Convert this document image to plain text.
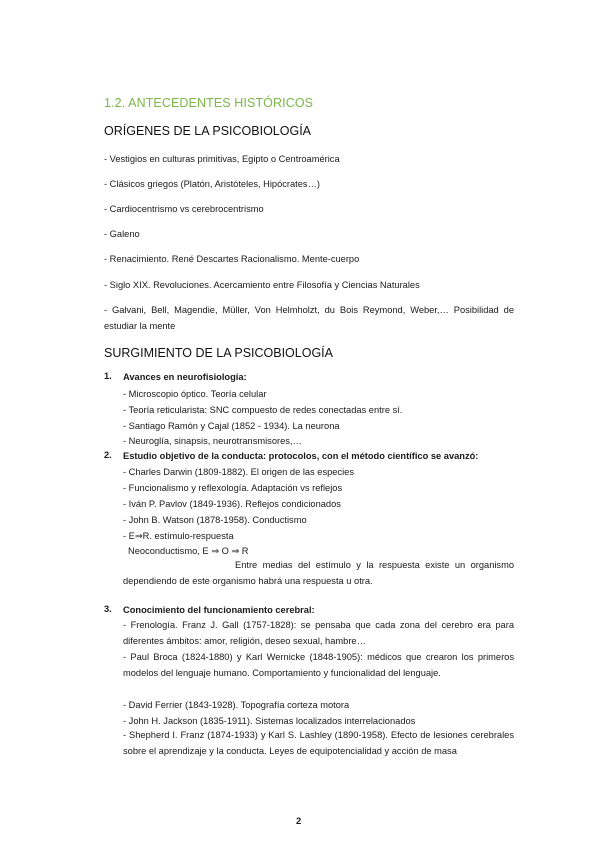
1.2. ANTECEDENTES HISTÓRICOS
ORÍGENES DE LA PSICOBIOLOGÍA
- Vestigios en culturas primitivas, Egipto o Centroamérica
- Clásicos griegos (Platón, Aristóteles, Hipócrates…)
- Cardiocentrismo vs cerebrocentrismo
- Galeno
- Renacimiento. René Descartes Racionalismo. Mente-cuerpo
- Siglo XIX. Revoluciones. Acercamiento entre Filosofía y Ciencias Naturales
- Galvani, Bell, Magendie, Müller, Von Helmholzt, du Bois Reymond, Weber,… Posibilidad de estudiar la mente
SURGIMIENTO DE LA PSICOBIOLOGÍA
1. Avances en neurofisiología:
- Microscopio óptico. Teoría celular
- Teoría reticularista: SNC compuesto de redes conectadas entre sí.
- Santiago Ramón y Cajal (1852 - 1934). La neurona
- Neuroglía, sinapsis, neurotransmisores,…
2. Estudio objetivo de la conducta: protocolos, con el método científico se avanzó:
- Charles Darwin (1809-1882). El origen de las especies
- Funcionalismo y reflexología. Adaptación vs reflejos
- Iván P. Pavlov (1849-1936). Reflejos condicionados
- John B. Watson (1878-1958). Conductismo
- E⇒R. estímulo-respuesta
Neoconductismo, E ⇒ O ⇒ R
Entre medias del estímulo y la respuesta existe un organismo dependiendo de este organismo habrá una respuesta u otra.
3. Conocimiento del funcionamiento cerebral:
- Frenología. Franz J. Gall (1757-1828): se pensaba que cada zona del cerebro era para diferentes ámbitos: amor, religión, deseo sexual, hambre…
- Paul Broca (1824-1880) y Karl Wernicke (1848-1905): médicos que crearon los primeros modelos del lenguaje humano. Comportamiento y funcionalidad del lenguaje.
- David Ferrier (1843-1928). Topografía corteza motora
- John H. Jackson (1835-1911). Sistemas localizados interrelacionados
- Shepherd I. Franz (1874-1933) y Karl S. Lashley (1890-1958). Efecto de lesiones cerebrales sobre el aprendizaje y la conducta. Leyes de equipotencialidad y acción de masa
2
